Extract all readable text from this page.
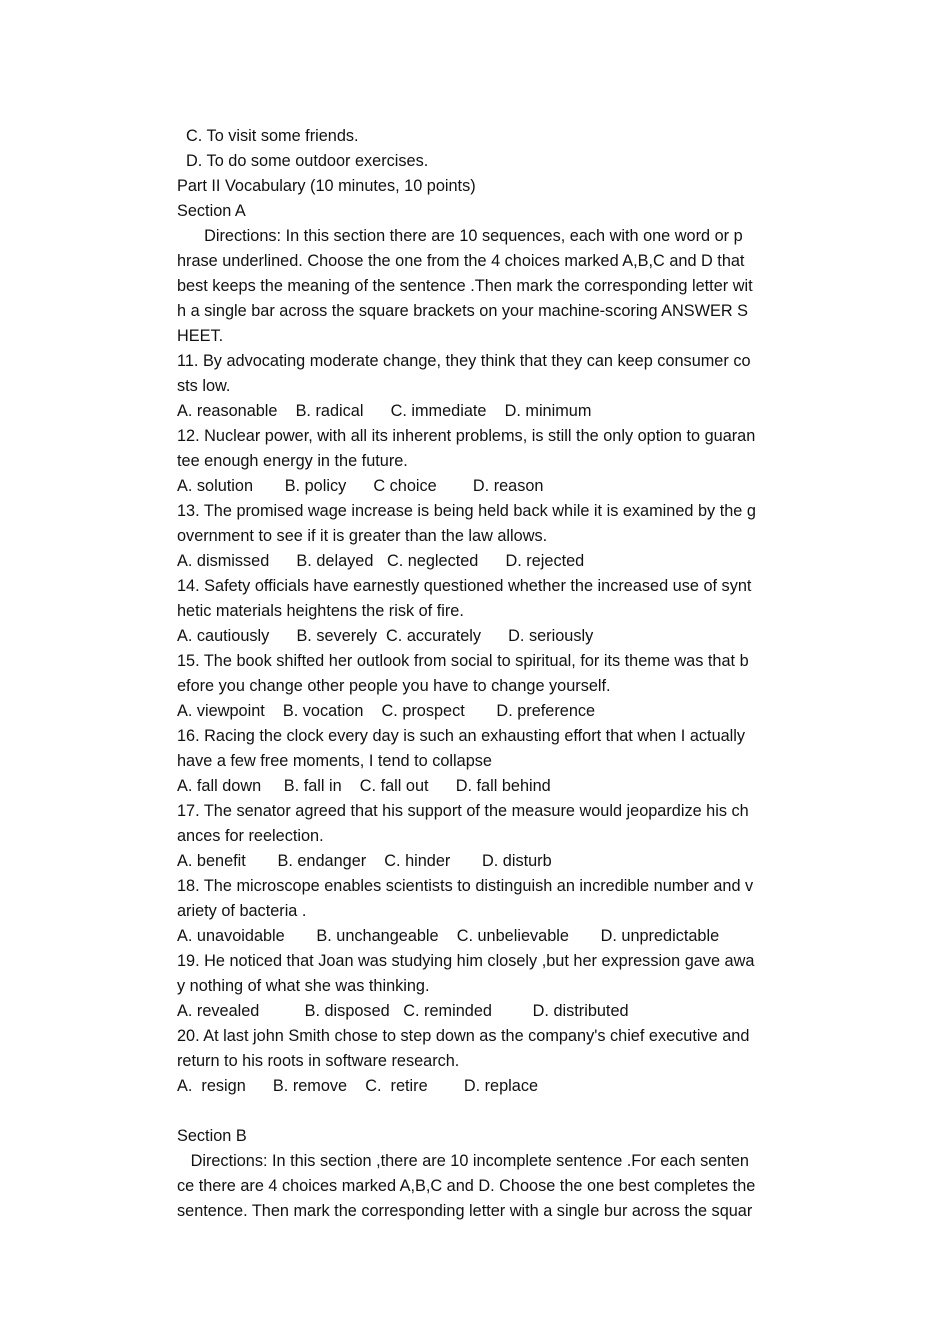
C. To visit some friends.
D. To do some outdoor exercises.
Part II Vocabulary (10 minutes, 10 points)
Section A
Directions: In this section there are 10 sequences, each with one word or p
hrase underlined. Choose the one from the 4 choices marked A,B,C and D that
best keeps the meaning of the sentence .Then mark the corresponding letter wit
h a single bar across the square brackets on your machine-scoring ANSWER S
HEET.
11. By advocating moderate change, they think that they can keep consumer co
sts low.
A. reasonable    B. radical      C. immediate    D. minimum
12. Nuclear power, with all its inherent problems, is still the only option to guaran
tee enough energy in the future.
A. solution       B. policy      C choice        D. reason
13. The promised wage increase is being held back while it is examined by the g
overnment to see if it is greater than the law allows.
A. dismissed      B. delayed   C. neglected      D. rejected
14. Safety officials have earnestly questioned whether the increased use of synt
hetic materials heightens the risk of fire.
A. cautiously      B. severely  C. accurately      D. seriously
15. The book shifted her outlook from social to spiritual, for its theme was that b
efore you change other people you have to change yourself.
A. viewpoint    B. vocation    C. prospect       D. preference
16. Racing the clock every day is such an exhausting effort that when I actually
have a few free moments, I tend to collapse
A. fall down     B. fall in    C. fall out      D. fall behind
17. The senator agreed that his support of the measure would jeopardize his ch
ances for reelection.
A. benefit       B. endanger    C. hinder       D. disturb
18. The microscope enables scientists to distinguish an incredible number and v
ariety of bacteria .
A. unavoidable       B. unchangeable    C. unbelievable       D. unpredictable
19. He noticed that Joan was studying him closely ,but her expression gave awa
y nothing of what she was thinking.
A. revealed          B. disposed   C. reminded         D. distributed
20. At last john Smith chose to step down as the company's chief executive and
return to his roots in software research.
A.  resign      B. remove    C.  retire        D. replace
Section B
Directions: In this section ,there are 10 incomplete sentence .For each senten
ce there are 4 choices marked A,B,C and D. Choose the one best completes the
sentence. Then mark the corresponding letter with a single bur across the squar
